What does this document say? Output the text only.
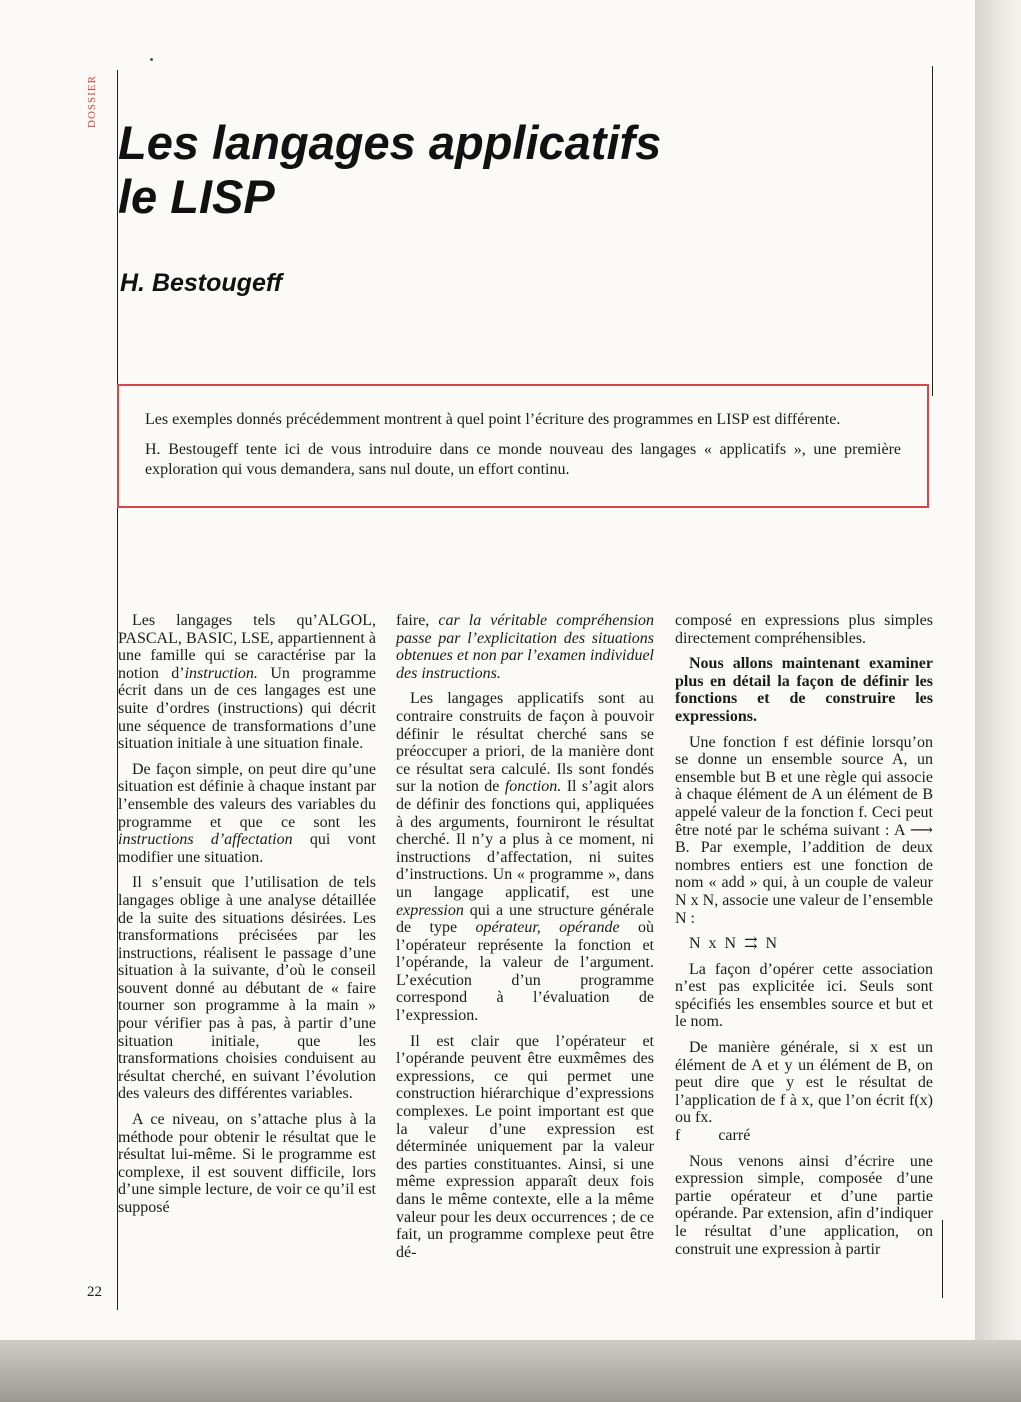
DOSSIER
Les langages applicatifs
le LISP
H. Bestougeff

Les exemples donnés précédemment montrent à quel point l’écriture des programmes en LISP est différente.

H. Bestougeff tente ici de vous introduire dans ce monde nouveau des langages « applicatifs », une première exploration qui vous demandera, sans nul doute, un effort continu.

Les langages tels qu’ALGOL, PASCAL, BASIC, LSE, appartiennent à une famille qui se caractérise par la notion d’instruction. Un programme écrit dans un de ces langages est une suite d’ordres (instructions) qui décrit une séquence de transformations d’une situation initiale à une situation finale.

De façon simple, on peut dire qu’une situation est définie à chaque instant par l’ensemble des valeurs des variables du programme et que ce sont les instructions d’affectation qui vont modifier une situation.

Il s’ensuit que l’utilisation de tels langages oblige à une analyse détaillée de la suite des situations désirées. Les transformations précisées par les instructions, réalisent le passage d’une situation à la suivante, d’où le conseil souvent donné au débutant de « faire tourner son programme à la main » pour vérifier pas à pas, à partir d’une situation initiale, que les transformations choisies conduisent au résultat cherché, en suivant l’évolution des valeurs des différentes variables.

A ce niveau, on s’attache plus à la méthode pour obtenir le résultat que le résultat lui-même. Si le programme est complexe, il est souvent difficile, lors d’une simple lecture, de voir ce qu’il est supposé

faire, car la véritable compréhension passe par l’explicitation des situations obtenues et non par l’examen individuel des instructions.

Les langages applicatifs sont au contraire construits de façon à pouvoir définir le résultat cherché sans se préoccuper a priori, de la manière dont ce résultat sera calculé. Ils sont fondés sur la notion de fonction. Il s’agit alors de définir des fonctions qui, appliquées à des arguments, fourniront le résultat cherché. Il n’y a plus à ce moment, ni instructions d’affectation, ni suites d’instructions. Un « programme », dans un langage applicatif, est une expression qui a une structure générale de type opérateur, opérande où l’opérateur représente la fonction et l’opérande, la valeur de l’argument. L’exécution d’un programme correspond à l’évaluation de l’expression.

Il est clair que l’opérateur et l’opérande peuvent être euxmêmes des expressions, ce qui permet une construction hiérarchique d’expressions complexes. Le point important est que la valeur d’une expression est déterminée uniquement par la valeur des parties constituantes. Ainsi, si une même expression apparaît deux fois dans le même contexte, elle a la même valeur pour les deux occurrences ; de ce fait, un programme complexe peut être dé-

composé en expressions plus simples directement compréhensibles.

Nous allons maintenant examiner plus en détail la façon de définir les fonctions et de construire les expressions.

Une fonction f est définie lorsqu’on se donne un ensemble source A, un ensemble but B et une règle qui associe à chaque élément de A un élément de B appelé valeur de la fonction f. Ceci peut être noté par le schéma suivant : A ⟶ B. Par exemple, l’addition de deux nombres entiers est une fonction de nom « add » qui, à un couple de valeur N x N, associe une valeur de l’ensemble N :

N x N ⇉ N

La façon d’opérer cette association n’est pas explicitée ici. Seuls sont spécifiés les ensembles source et but et le nom.

De manière générale, si x est un élément de A et y un élément de B, on peut dire que y est le résultat de l’application de f à x, que l’on écrit f(x) ou fx.
f carré

Nous venons ainsi d’écrire une expression simple, composée d’une partie opérateur et d’une partie opérande. Par extension, afin d’indiquer le résultat d’une application, on construit une expression à partir

22
